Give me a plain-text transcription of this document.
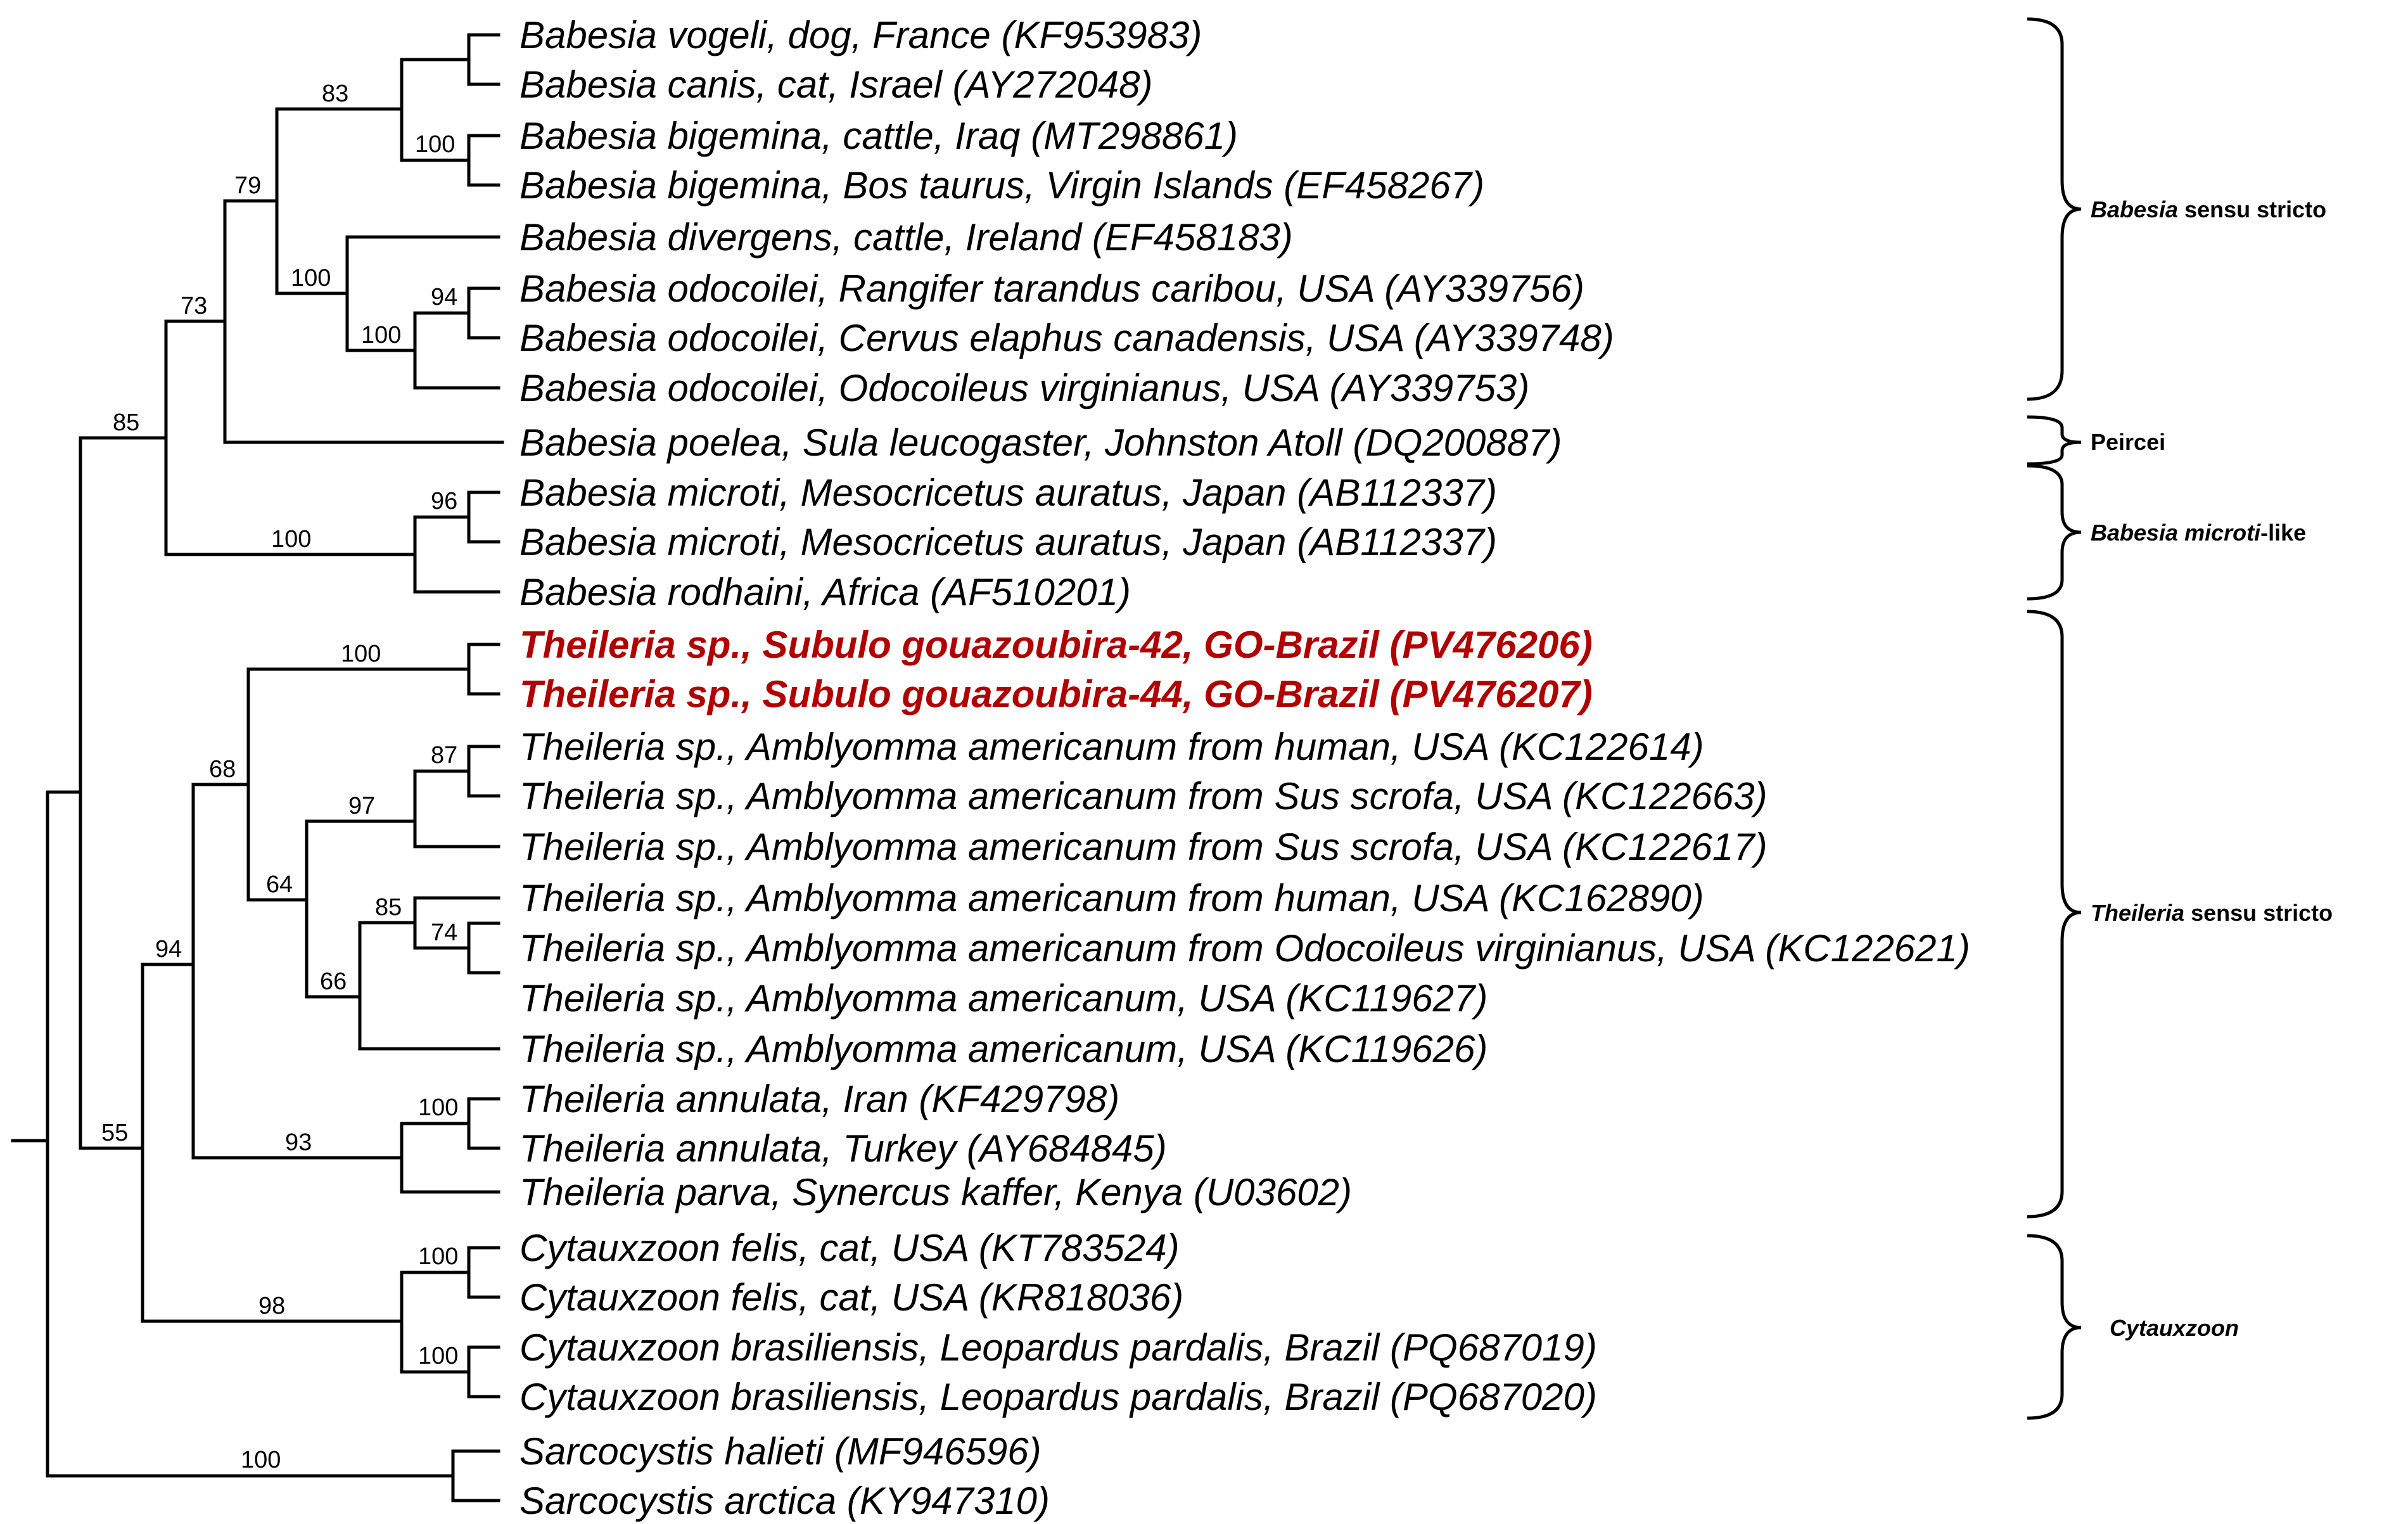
83
100
79
100
100
94
73
85
100
96
100
68
64
97
87
66
85
74
94
93
100
98
100
100
55
100
Babesia vogeli, dog, France (KF953983)
Babesia canis, cat, Israel (AY272048)
Babesia bigemina, cattle, Iraq (MT298861)
Babesia bigemina, Bos taurus, Virgin Islands (EF458267)
Babesia divergens, cattle, Ireland (EF458183)
Babesia odocoilei, Rangifer tarandus caribou, USA (AY339756)
Babesia odocoilei, Cervus elaphus canadensis, USA (AY339748)
Babesia odocoilei, Odocoileus virginianus, USA (AY339753)
Babesia poelea, Sula leucogaster, Johnston Atoll (DQ200887)
Babesia microti, Mesocricetus auratus, Japan (AB112337)
Babesia microti, Mesocricetus auratus, Japan (AB112337)
Babesia rodhaini, Africa (AF510201)
Theileria sp., Subulo gouazoubira-42, GO-Brazil (PV476206)
Theileria sp., Subulo gouazoubira-44, GO-Brazil (PV476207)
Theileria sp., Amblyomma americanum from human, USA (KC122614)
Theileria sp., Amblyomma americanum from Sus scrofa, USA (KC122663)
Theileria sp., Amblyomma americanum from Sus scrofa, USA (KC122617)
Theileria sp., Amblyomma americanum from human, USA (KC162890)
Theileria sp., Amblyomma americanum from Odocoileus virginianus, USA (KC122621)
Theileria sp., Amblyomma americanum, USA (KC119627)
Theileria sp., Amblyomma americanum, USA (KC119626)
Theileria annulata, Iran (KF429798)
Theileria annulata, Turkey (AY684845)
Theileria parva, Synercus kaffer, Kenya (U03602)
Cytauxzoon felis, cat, USA (KT783524)
Cytauxzoon felis, cat, USA (KR818036)
Cytauxzoon brasiliensis, Leopardus pardalis, Brazil (PQ687019)
Cytauxzoon brasiliensis, Leopardus pardalis, Brazil (PQ687020)
Sarcocystis halieti (MF946596)
Sarcocystis arctica (KY947310)
Babesia sensu stricto
Peircei
Babesia microti-like
Theileria sensu stricto
Cytauxzoon
